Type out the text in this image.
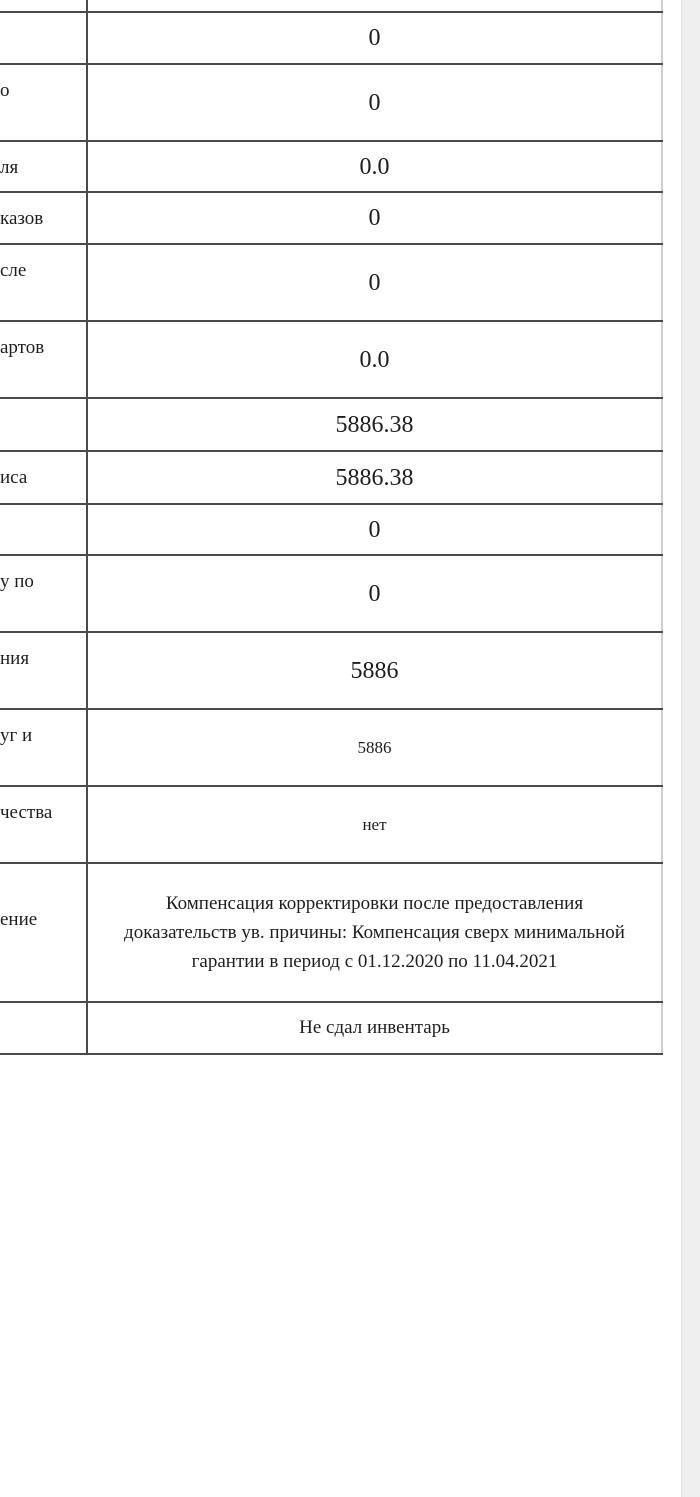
	0

о	0

ля	0.0

казов	0

сле	0

артов	0.0

	5886.38

иса	5886.38

	0

у по	0

ния	5886

уг и	5886

чества	нет

ение	Компенсация корректировки после предоставления доказательств ув. причины: Компенсация сверх минимальной гарантии в период с 01.12.2020 по 11.04.2021

	Не сдал инвентарь
